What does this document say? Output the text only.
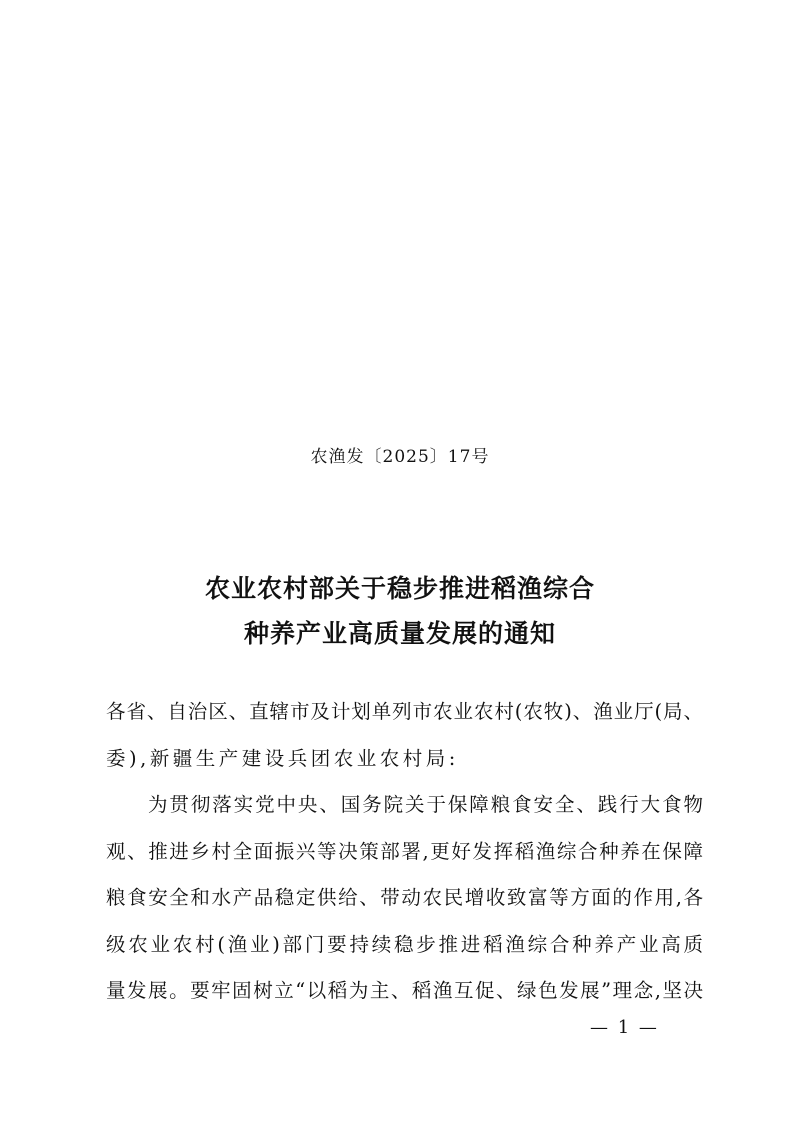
农渔发〔2025〕17号
农业农村部关于稳步推进稻渔综合
种养产业高质量发展的通知
各省、自治区、直辖市及计划单列市农业农村(农牧)、渔业厅(局、
委),新疆生产建设兵团农业农村局:
为贯彻落实党中央、国务院关于保障粮食安全、践行大食物
观、推进乡村全面振兴等决策部署,更好发挥稻渔综合种养在保障
粮食安全和水产品稳定供给、带动农民增收致富等方面的作用,各
级农业农村(渔业)部门要持续稳步推进稻渔综合种养产业高质
量发展。要牢固树立“以稻为主、稻渔互促、绿色发展”理念,坚决
— 1 —
